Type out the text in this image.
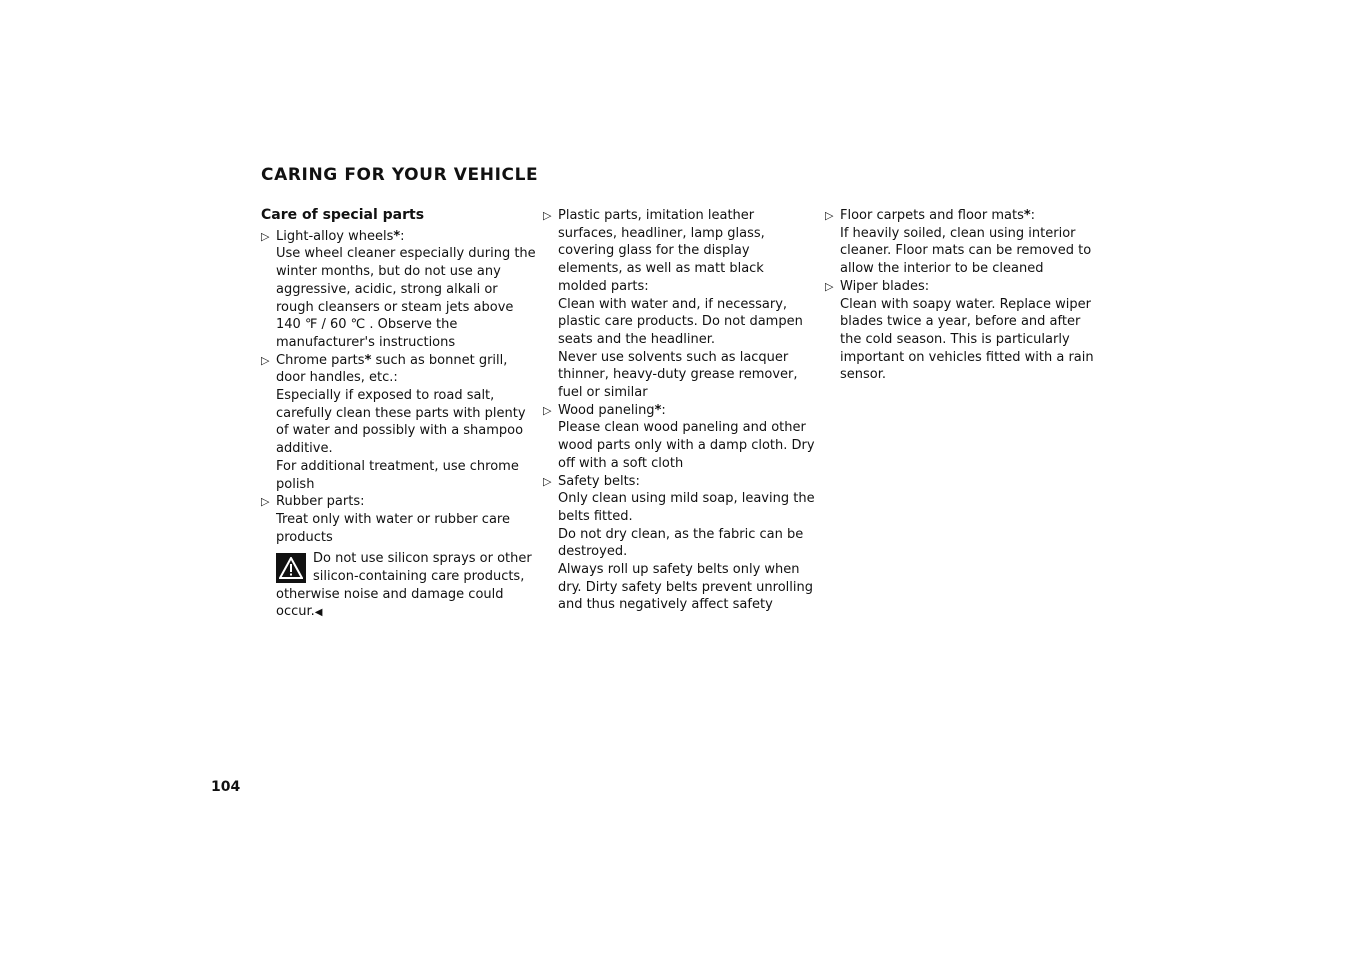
CARING FOR YOUR VEHICLE
Care of special parts
▷ Light-alloy wheels*:
Use wheel cleaner especially during the winter months, but do not use any aggressive, acidic, strong alkali or rough cleansers or steam jets above 140 ℉ / 60 ℃ . Observe the manufacturer's instructions
▷ Chrome parts* such as bonnet grill, door handles, etc.:
Especially if exposed to road salt, carefully clean these parts with plenty of water and possibly with a shampoo additive.
For additional treatment, use chrome polish
▷ Rubber parts:
Treat only with water or rubber care products
Do not use silicon sprays or other silicon-containing care products, otherwise noise and damage could occur.◀
▷ Plastic parts, imitation leather surfaces, headliner, lamp glass, covering glass for the display elements, as well as matt black molded parts:
Clean with water and, if necessary, plastic care products. Do not dampen seats and the headliner.
Never use solvents such as lacquer thinner, heavy-duty grease remover, fuel or similar
▷ Wood paneling*:
Please clean wood paneling and other wood parts only with a damp cloth. Dry off with a soft cloth
▷ Safety belts:
Only clean using mild soap, leaving the belts fitted.
Do not dry clean, as the fabric can be destroyed.
Always roll up safety belts only when dry. Dirty safety belts prevent unrolling and thus negatively affect safety
▷ Floor carpets and floor mats*:
If heavily soiled, clean using interior cleaner. Floor mats can be removed to allow the interior to be cleaned
▷ Wiper blades:
Clean with soapy water. Replace wiper blades twice a year, before and after the cold season. This is particularly important on vehicles fitted with a rain sensor.
104
